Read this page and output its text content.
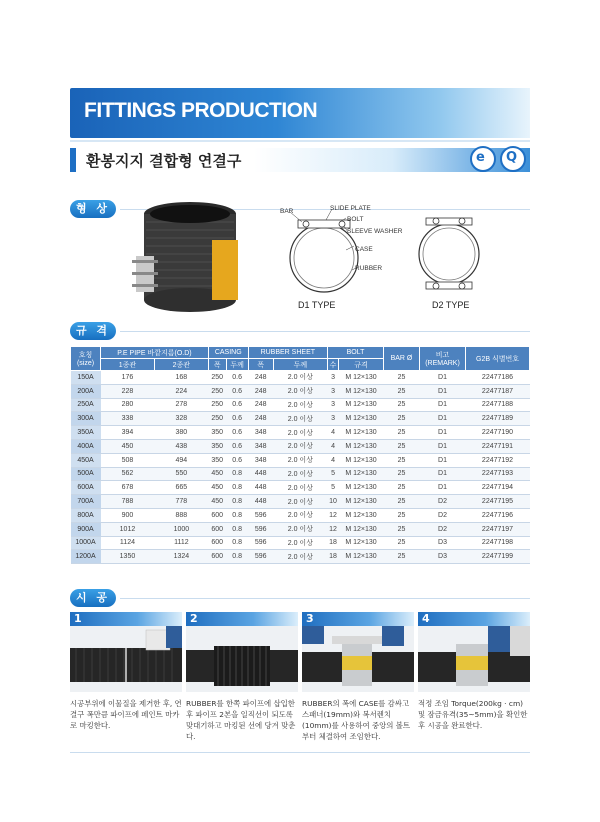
FITTINGS PRODUCTION
환봉지지 결합형 연결구	e Q
형 상	BAR	SLIDE PLATE
BOLT
SLEEVE WASHER
CASE
RUBBER
D1 TYPE	D2 TYPE
규 격
호칭 (size)	P.E PIPE 바깥지름(O.D)		CASING		RUBBER SHEET		BOLT		BAR Ø	비고 (REMARK)	G2B 식별번호
	1종관	2종관	폭	두께	폭	두께	수	규격			
150A	176	168	250	0.6	248	2.0 이상	3	M 12×130	25	D1	22477186
200A	228	224	250	0.6	248	2.0 이상	3	M 12×130	25	D1	22477187
250A	280	278	250	0.6	248	2.0 이상	3	M 12×130	25	D1	22477188
300A	338	328	250	0.6	248	2.0 이상	3	M 12×130	25	D1	22477189
350A	394	380	350	0.6	348	2.0 이상	4	M 12×130	25	D1	22477190
400A	450	438	350	0.6	348	2.0 이상	4	M 12×130	25	D1	22477191
450A	508	494	350	0.6	348	2.0 이상	4	M 12×130	25	D1	22477192
500A	562	550	450	0.8	448	2.0 이상	5	M 12×130	25	D1	22477193
600A	678	665	450	0.8	448	2.0 이상	5	M 12×130	25	D1	22477194
700A	788	778	450	0.8	448	2.0 이상	10	M 12×130	25	D2	22477195
800A	900	888	600	0.8	596	2.0 이상	12	M 12×130	25	D2	22477196
900A	1012	1000	600	0.8	596	2.0 이상	12	M 12×130	25	D2	22477197
1000A	1124	1112	600	0.8	596	2.0 이상	18	M 12×130	25	D3	22477198
1200A	1350	1324	600	0.8	596	2.0 이상	18	M 12×130	25	D3	22477199
시 공
1
시공부위에 이물질을 제거한 후, 연결구 폭만큼 파이프에 페인트 마카로 마킹한다.
2
RUBBER를 한쪽 파이프에 삽입한 후 파이프 2본을 일직선이 되도록 맞대기하고 마킹된 선에 당겨 맞춘다.
3
RUBBER의 폭에 CASE를 감싸고 스패너(19mm)와 복서렌치(10mm)를 사용하여 중앙의 볼트부터 체결하여 조임한다.
4
적정 조임 Torque(200kg · cm) 및 잠금유격(35~5mm)을 확인한 후 시공을 완료한다.
